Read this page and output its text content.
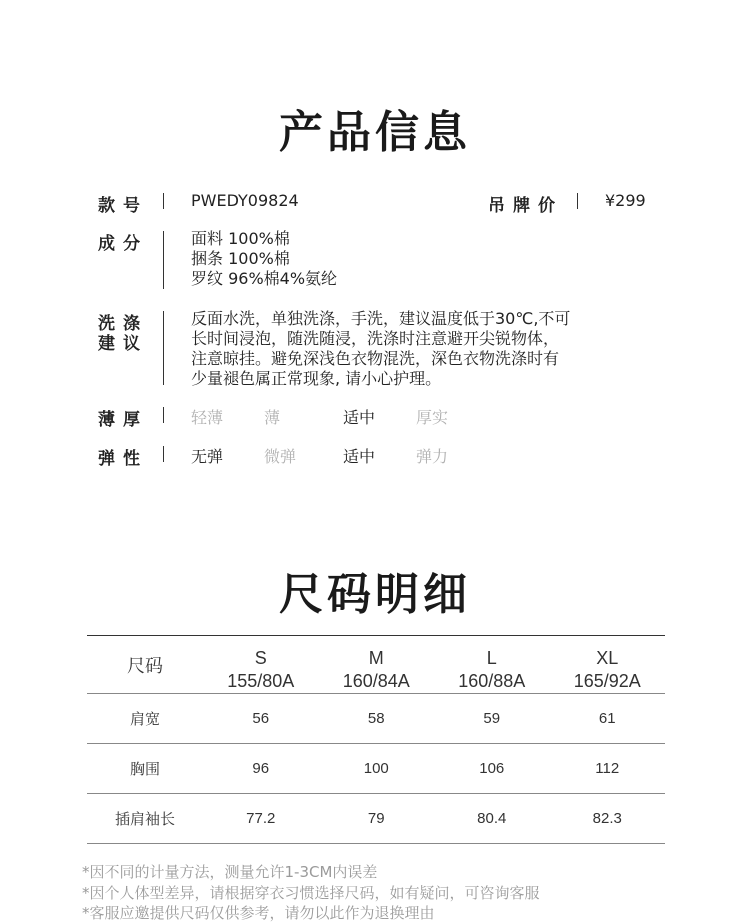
产品信息
款号	PWEDY09824	吊牌价	¥299
成分	面料 100%棉
捆条 100%棉
罗纹 96%棉4%氨纶
洗涤
建议
反面水洗，单独洗涤，手洗，建议温度低于30℃,不可
长时间浸泡，随洗随浸，洗涤时注意避开尖锐物体，
注意晾挂。避免深浅色衣物混洗，深色衣物洗涤时有
少量褪色属正常现象, 请小心护理。
薄厚	轻薄	薄	适中	厚实
弹性	无弹	微弹	适中	弹力
尺码明细
尺码	S	M	L	XL
	155/80A	160/84A	160/88A	165/92A
肩宽	56	58	59	61
胸围	96	100	106	112
插肩袖长	77.2	79	80.4	82.3
*因不同的计量方法，测量允许1-3CM内误差
*因个人体型差异，请根据穿衣习惯选择尺码，如有疑问，可咨询客服
*客服应邀提供尺码仅供参考，请勿以此作为退换理由
